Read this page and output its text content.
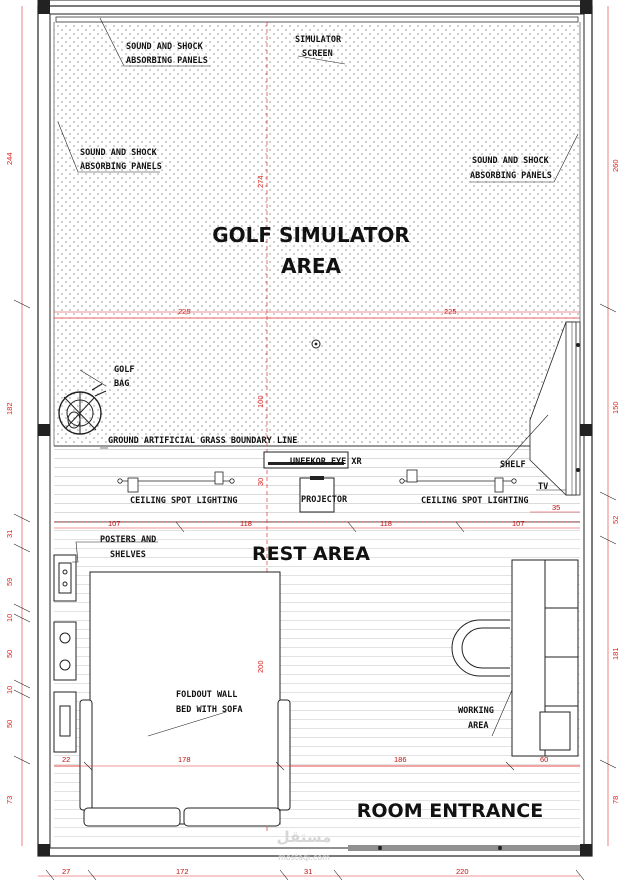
SOUND AND SHOCK
ABSORBING PANELS
SIMULATOR
SCREEN
SOUND AND SHOCK
ABSORBING PANELS
SOUND AND SHOCK
ABSORBING PANELS
GOLF SIMULATOR
AREA
GOLF
BAG
GROUND ARTIFICIAL GRASS BOUNDARY LINE
UNEEKOR EYE XR
PROJECTOR
CEILING SPOT LIGHTING	CEILING SPOT LIGHTING
SHELF
TV
REST AREA
POSTERS AND
SHELVES
FOLDOUT WALL
BED WITH SOFA	WORKING
AREA
ROOM ENTRANCE
244
182
31
59
10
50
10
50
73
260
150
52
181
78
274
100
30
200
225	225
107	118	118	107
35
22	178	186	60
27	172	31	220
مستقل
mostaql.com
